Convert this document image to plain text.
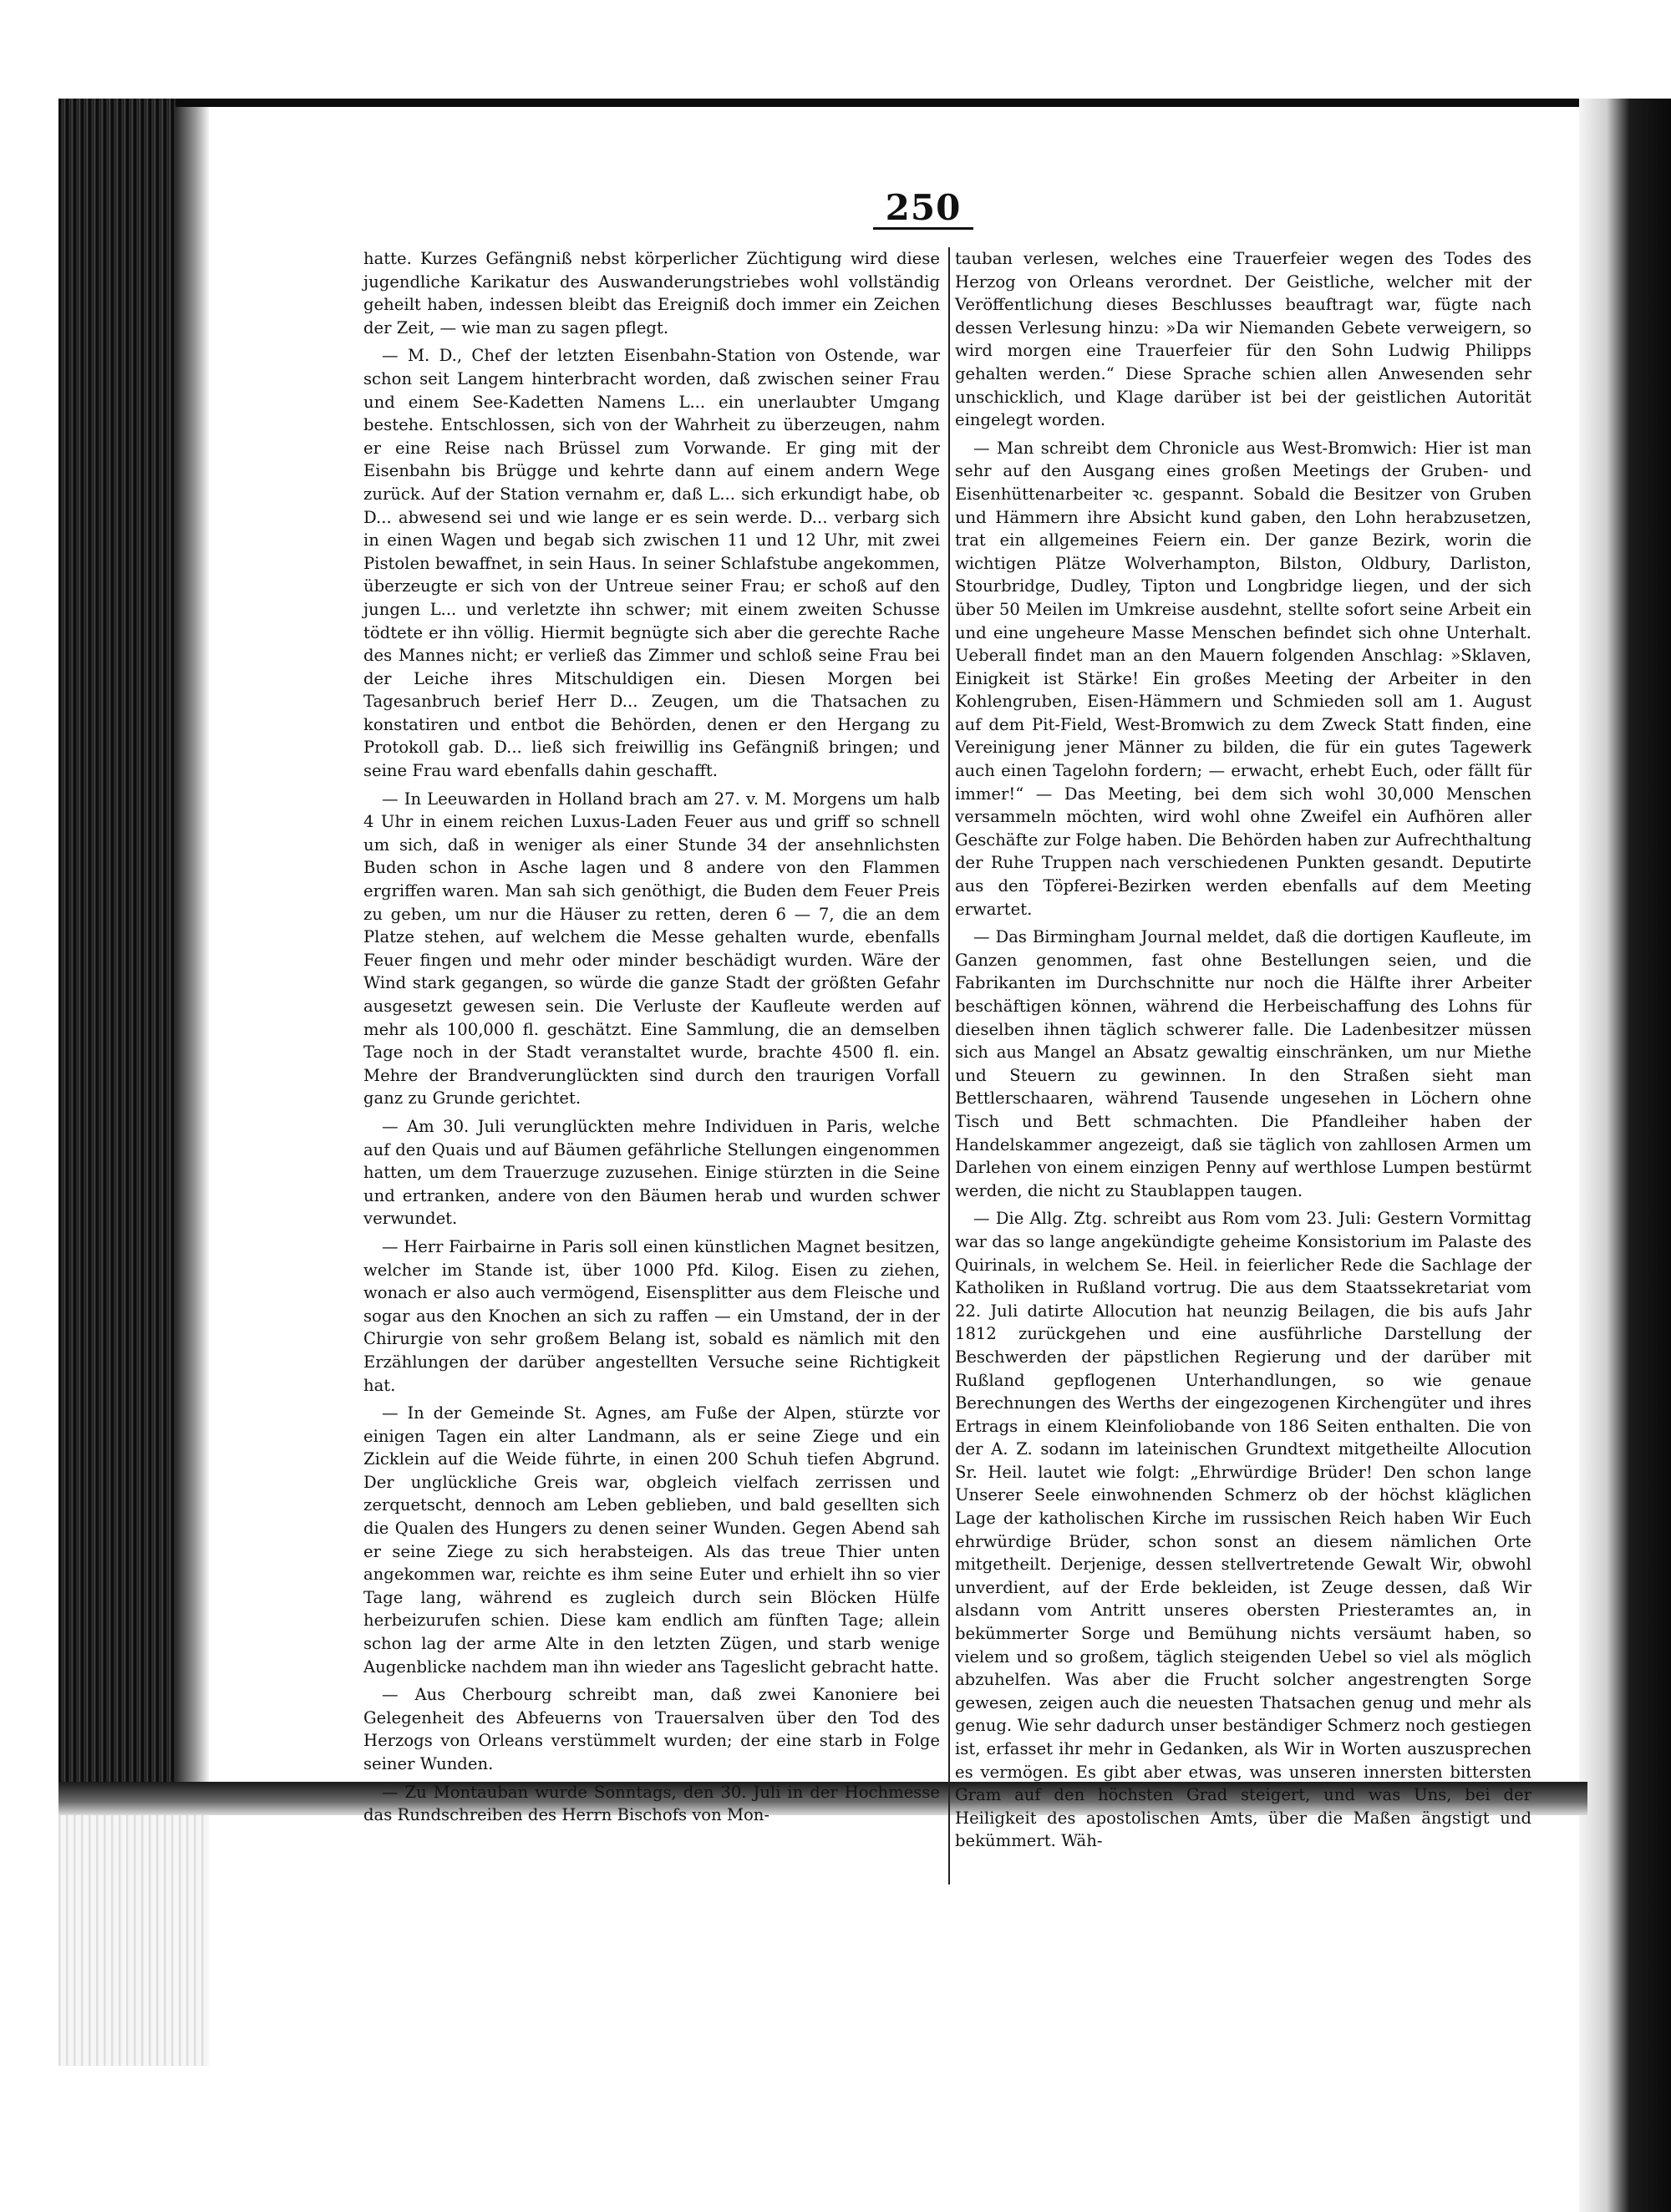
250

hatte. Kurzes Gefängniß nebst körperlicher Züchtigung wird diese jugendliche Karikatur des Auswanderungstriebes wohl vollständig geheilt haben, indessen bleibt das Ereigniß doch immer ein Zeichen der Zeit, — wie man zu sagen pflegt.

— M. D., Chef der letzten Eisenbahn-Station von Ostende, war schon seit Langem hinterbracht worden, daß zwischen seiner Frau und einem See-Kadetten Namens L... ein unerlaubter Umgang bestehe. Entschlossen, sich von der Wahrheit zu überzeugen, nahm er eine Reise nach Brüssel zum Vorwande. Er ging mit der Eisenbahn bis Brügge und kehrte dann auf einem andern Wege zurück. Auf der Station vernahm er, daß L... sich erkundigt habe, ob D... abwesend sei und wie lange er es sein werde. D... verbarg sich in einen Wagen und begab sich zwischen 11 und 12 Uhr, mit zwei Pistolen bewaffnet, in sein Haus. In seiner Schlafstube angekommen, überzeugte er sich von der Untreue seiner Frau; er schoß auf den jungen L... und verletzte ihn schwer; mit einem zweiten Schusse tödtete er ihn völlig. Hiermit begnügte sich aber die gerechte Rache des Mannes nicht; er verließ das Zimmer und schloß seine Frau bei der Leiche ihres Mitschuldigen ein. Diesen Morgen bei Tagesanbruch berief Herr D... Zeugen, um die Thatsachen zu konstatiren und entbot die Behörden, denen er den Hergang zu Protokoll gab. D... ließ sich freiwillig ins Gefängniß bringen; und seine Frau ward ebenfalls dahin geschafft.

— In Leeuwarden in Holland brach am 27. v. M. Morgens um halb 4 Uhr in einem reichen Luxus-Laden Feuer aus und griff so schnell um sich, daß in weniger als einer Stunde 34 der ansehnlichsten Buden schon in Asche lagen und 8 andere von den Flammen ergriffen waren. Man sah sich genöthigt, die Buden dem Feuer Preis zu geben, um nur die Häuser zu retten, deren 6 — 7, die an dem Platze stehen, auf welchem die Messe gehalten wurde, ebenfalls Feuer fingen und mehr oder minder beschädigt wurden. Wäre der Wind stark gegangen, so würde die ganze Stadt der größten Gefahr ausgesetzt gewesen sein. Die Verluste der Kaufleute werden auf mehr als 100,000 fl. geschätzt. Eine Sammlung, die an demselben Tage noch in der Stadt veranstaltet wurde, brachte 4500 fl. ein. Mehre der Brandverunglückten sind durch den traurigen Vorfall ganz zu Grunde gerichtet.

— Am 30. Juli verunglückten mehre Individuen in Paris, welche auf den Quais und auf Bäumen gefährliche Stellungen eingenommen hatten, um dem Trauerzuge zuzusehen. Einige stürzten in die Seine und ertranken, andere von den Bäumen herab und wurden schwer verwundet.

— Herr Fairbairne in Paris soll einen künstlichen Magnet besitzen, welcher im Stande ist, über 1000 Pfd. Kilog. Eisen zu ziehen, wonach er also auch vermögend, Eisensplitter aus dem Fleische und sogar aus den Knochen an sich zu raffen — ein Umstand, der in der Chirurgie von sehr großem Belang ist, sobald es nämlich mit den Erzählungen der darüber angestellten Versuche seine Richtigkeit hat.

— In der Gemeinde St. Agnes, am Fuße der Alpen, stürzte vor einigen Tagen ein alter Landmann, als er seine Ziege und ein Zicklein auf die Weide führte, in einen 200 Schuh tiefen Abgrund. Der unglückliche Greis war, obgleich vielfach zerrissen und zerquetscht, dennoch am Leben geblieben, und bald gesellten sich die Qualen des Hungers zu denen seiner Wunden. Gegen Abend sah er seine Ziege zu sich herabsteigen. Als das treue Thier unten angekommen war, reichte es ihm seine Euter und erhielt ihn so vier Tage lang, während es zugleich durch sein Blöcken Hülfe herbeizurufen schien. Diese kam endlich am fünften Tage; allein schon lag der arme Alte in den letzten Zügen, und starb wenige Augenblicke nachdem man ihn wieder ans Tageslicht gebracht hatte.

— Aus Cherbourg schreibt man, daß zwei Kanoniere bei Gelegenheit des Abfeuerns von Trauersalven über den Tod des Herzogs von Orleans verstümmelt wurden; der eine starb in Folge seiner Wunden.

— Zu Montauban wurde Sonntags, den 30. Juli in der Hochmesse das Rundschreiben des Herrn Bischofs von Mon-

tauban verlesen, welches eine Trauerfeier wegen des Todes des Herzog von Orleans verordnet. Der Geistliche, welcher mit der Veröffentlichung dieses Beschlusses beauftragt war, fügte nach dessen Verlesung hinzu: »Da wir Niemanden Gebete verweigern, so wird morgen eine Trauerfeier für den Sohn Ludwig Philipps gehalten werden.“ Diese Sprache schien allen Anwesenden sehr unschicklich, und Klage darüber ist bei der geistlichen Autorität eingelegt worden.

— Man schreibt dem Chronicle aus West-Bromwich: Hier ist man sehr auf den Ausgang eines großen Meetings der Gruben- und Eisenhüttenarbeiter ꝛc. gespannt. Sobald die Besitzer von Gruben und Hämmern ihre Absicht kund gaben, den Lohn herabzusetzen, trat ein allgemeines Feiern ein. Der ganze Bezirk, worin die wichtigen Plätze Wolverhampton, Bilston, Oldbury, Darliston, Stourbridge, Dudley, Tipton und Longbridge liegen, und der sich über 50 Meilen im Umkreise ausdehnt, stellte sofort seine Arbeit ein und eine ungeheure Masse Menschen befindet sich ohne Unterhalt. Ueberall findet man an den Mauern folgenden Anschlag: »Sklaven, Einigkeit ist Stärke! Ein großes Meeting der Arbeiter in den Kohlengruben, Eisen-Hämmern und Schmieden soll am 1. August auf dem Pit-Field, West-Bromwich zu dem Zweck Statt finden, eine Vereinigung jener Männer zu bilden, die für ein gutes Tagewerk auch einen Tagelohn fordern; — erwacht, erhebt Euch, oder fällt für immer!“ — Das Meeting, bei dem sich wohl 30,000 Menschen versammeln möchten, wird wohl ohne Zweifel ein Aufhören aller Geschäfte zur Folge haben. Die Behörden haben zur Aufrechthaltung der Ruhe Truppen nach verschiedenen Punkten gesandt. Deputirte aus den Töpferei-Bezirken werden ebenfalls auf dem Meeting erwartet.

— Das Birmingham Journal meldet, daß die dortigen Kaufleute, im Ganzen genommen, fast ohne Bestellungen seien, und die Fabrikanten im Durchschnitte nur noch die Hälfte ihrer Arbeiter beschäftigen können, während die Herbeischaffung des Lohns für dieselben ihnen täglich schwerer falle. Die Ladenbesitzer müssen sich aus Mangel an Absatz gewaltig einschränken, um nur Miethe und Steuern zu gewinnen. In den Straßen sieht man Bettlerschaaren, während Tausende ungesehen in Löchern ohne Tisch und Bett schmachten. Die Pfandleiher haben der Handelskammer angezeigt, daß sie täglich von zahllosen Armen um Darlehen von einem einzigen Penny auf werthlose Lumpen bestürmt werden, die nicht zu Staublappen taugen.

— Die Allg. Ztg. schreibt aus Rom vom 23. Juli: Gestern Vormittag war das so lange angekündigte geheime Konsistorium im Palaste des Quirinals, in welchem Se. Heil. in feierlicher Rede die Sachlage der Katholiken in Rußland vortrug. Die aus dem Staatssekretariat vom 22. Juli datirte Allocution hat neunzig Beilagen, die bis aufs Jahr 1812 zurückgehen und eine ausführliche Darstellung der Beschwerden der päpstlichen Regierung und der darüber mit Rußland gepflogenen Unterhandlungen, so wie genaue Berechnungen des Werths der eingezogenen Kirchengüter und ihres Ertrags in einem Kleinfoliobande von 186 Seiten enthalten. Die von der A. Z. sodann im lateinischen Grundtext mitgetheilte Allocution Sr. Heil. lautet wie folgt: „Ehrwürdige Brüder! Den schon lange Unserer Seele einwohnenden Schmerz ob der höchst kläglichen Lage der katholischen Kirche im russischen Reich haben Wir Euch ehrwürdige Brüder, schon sonst an diesem nämlichen Orte mitgetheilt. Derjenige, dessen stellvertretende Gewalt Wir, obwohl unverdient, auf der Erde bekleiden, ist Zeuge dessen, daß Wir alsdann vom Antritt unseres obersten Priesteramtes an, in bekümmerter Sorge und Bemühung nichts versäumt haben, so vielem und so großem, täglich steigenden Uebel so viel als möglich abzuhelfen. Was aber die Frucht solcher angestrengten Sorge gewesen, zeigen auch die neuesten Thatsachen genug und mehr als genug. Wie sehr dadurch unser beständiger Schmerz noch gestiegen ist, erfasset ihr mehr in Gedanken, als Wir in Worten auszusprechen es vermögen. Es gibt aber etwas, was unseren innersten bittersten Gram auf den höchsten Grad steigert, und was Uns, bei der Heiligkeit des apostolischen Amts, über die Maßen ängstigt und bekümmert. Wäh-
